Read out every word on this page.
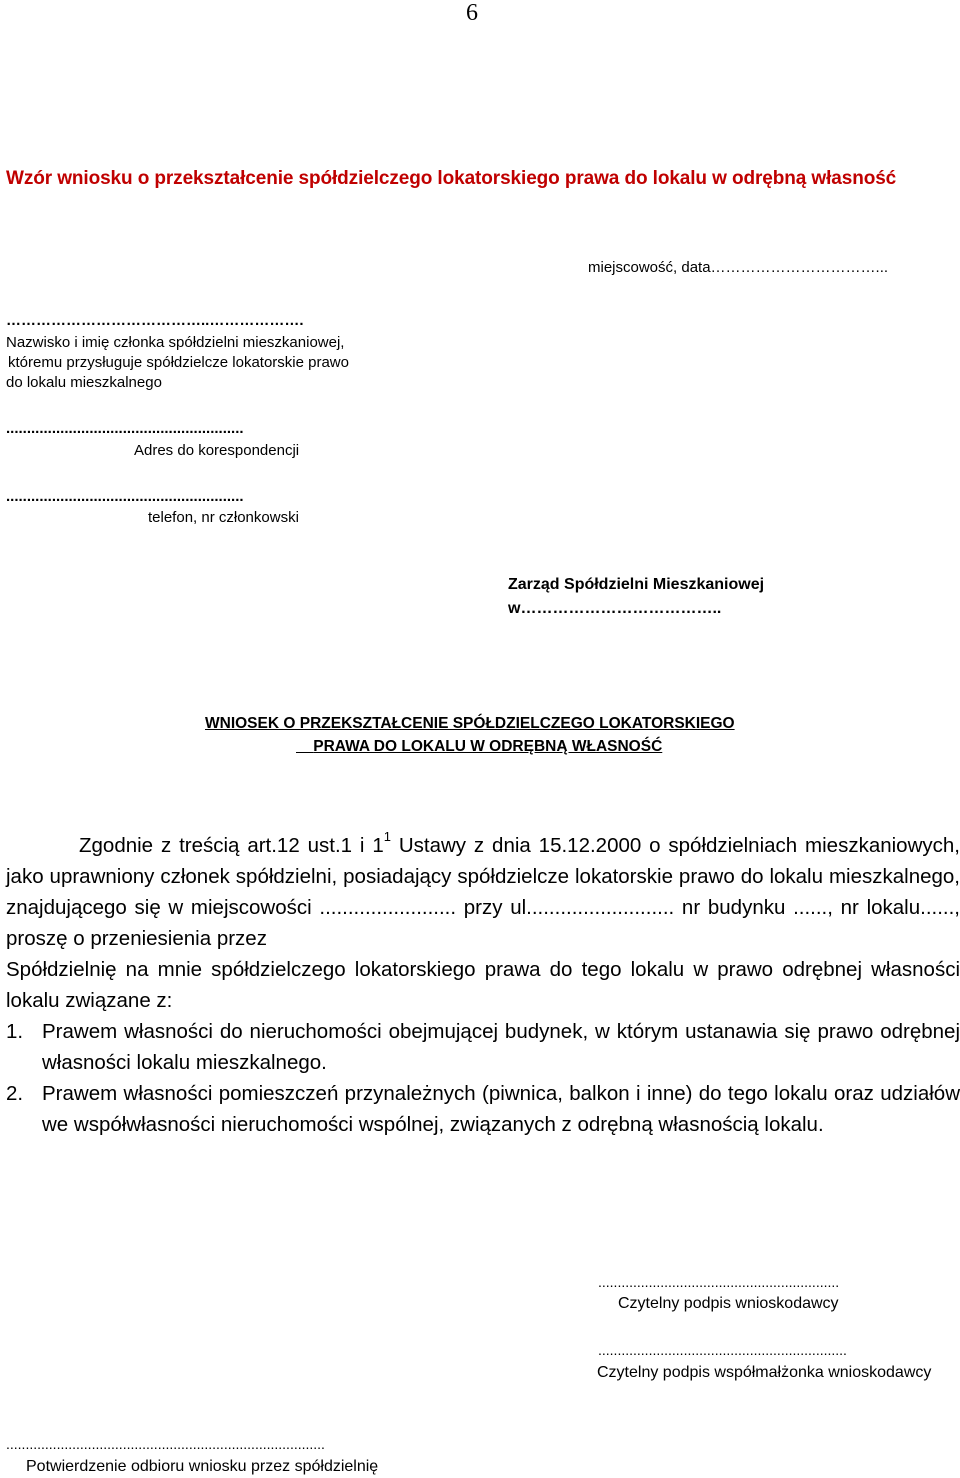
6
Wzór wniosku o przekształcenie spółdzielczego lokatorskiego prawa do lokalu w odrębną własność
miejscowość, data……………………………...
…………………………………..……………….
Nazwisko i imię członka spółdzielni mieszkaniowej,
któremu przysługuje spółdzielcze lokatorskie prawo
do lokalu mieszkalnego
.........................................................
Adres do korespondencji
.........................................................
telefon, nr członkowski
Zarząd Spółdzielni Mieszkaniowej
w………………………………..
WNIOSEK O PRZEKSZTAŁCENIE SPÓŁDZIELCZEGO LOKATORSKIEGO
PRAWA DO LOKALU W ODRĘBNĄ WŁASNOŚĆ

Zgodnie z treścią art.12 ust.1 i $1^1$ Ustawy z dnia 15.12.2000 o spółdzielniach mieszkaniowych, jako uprawniony członek spółdzielni, posiadający spółdzielcze lokatorskie prawo do lokalu mieszkalnego, znajdującego się w miejscowości ........................ przy ul.......................... nr budynku ......, nr lokalu......, proszę o przeniesienia przez

Spółdzielnię na mnie spółdzielczego lokatorskiego prawa do tego lokalu w prawo odrębnej własności lokalu związane z:

1. Prawem własności do nieruchomości obejmującej budynek, w którym ustanawia się prawo odrębnej własności lokalu mieszkalnego.
2. Prawem własności pomieszczeń przynależnych (piwnica, balkon i inne) do tego lokalu oraz udziałów we współwłasności nieruchomości wspólnej, związanych z odrębną własnością lokalu.
..............................................................
Czytelny podpis wnioskodawcy
................................................................
Czytelny podpis współmałżonka wnioskodawcy
..................................................................................
Potwierdzenie odbioru wniosku przez spółdzielnię
